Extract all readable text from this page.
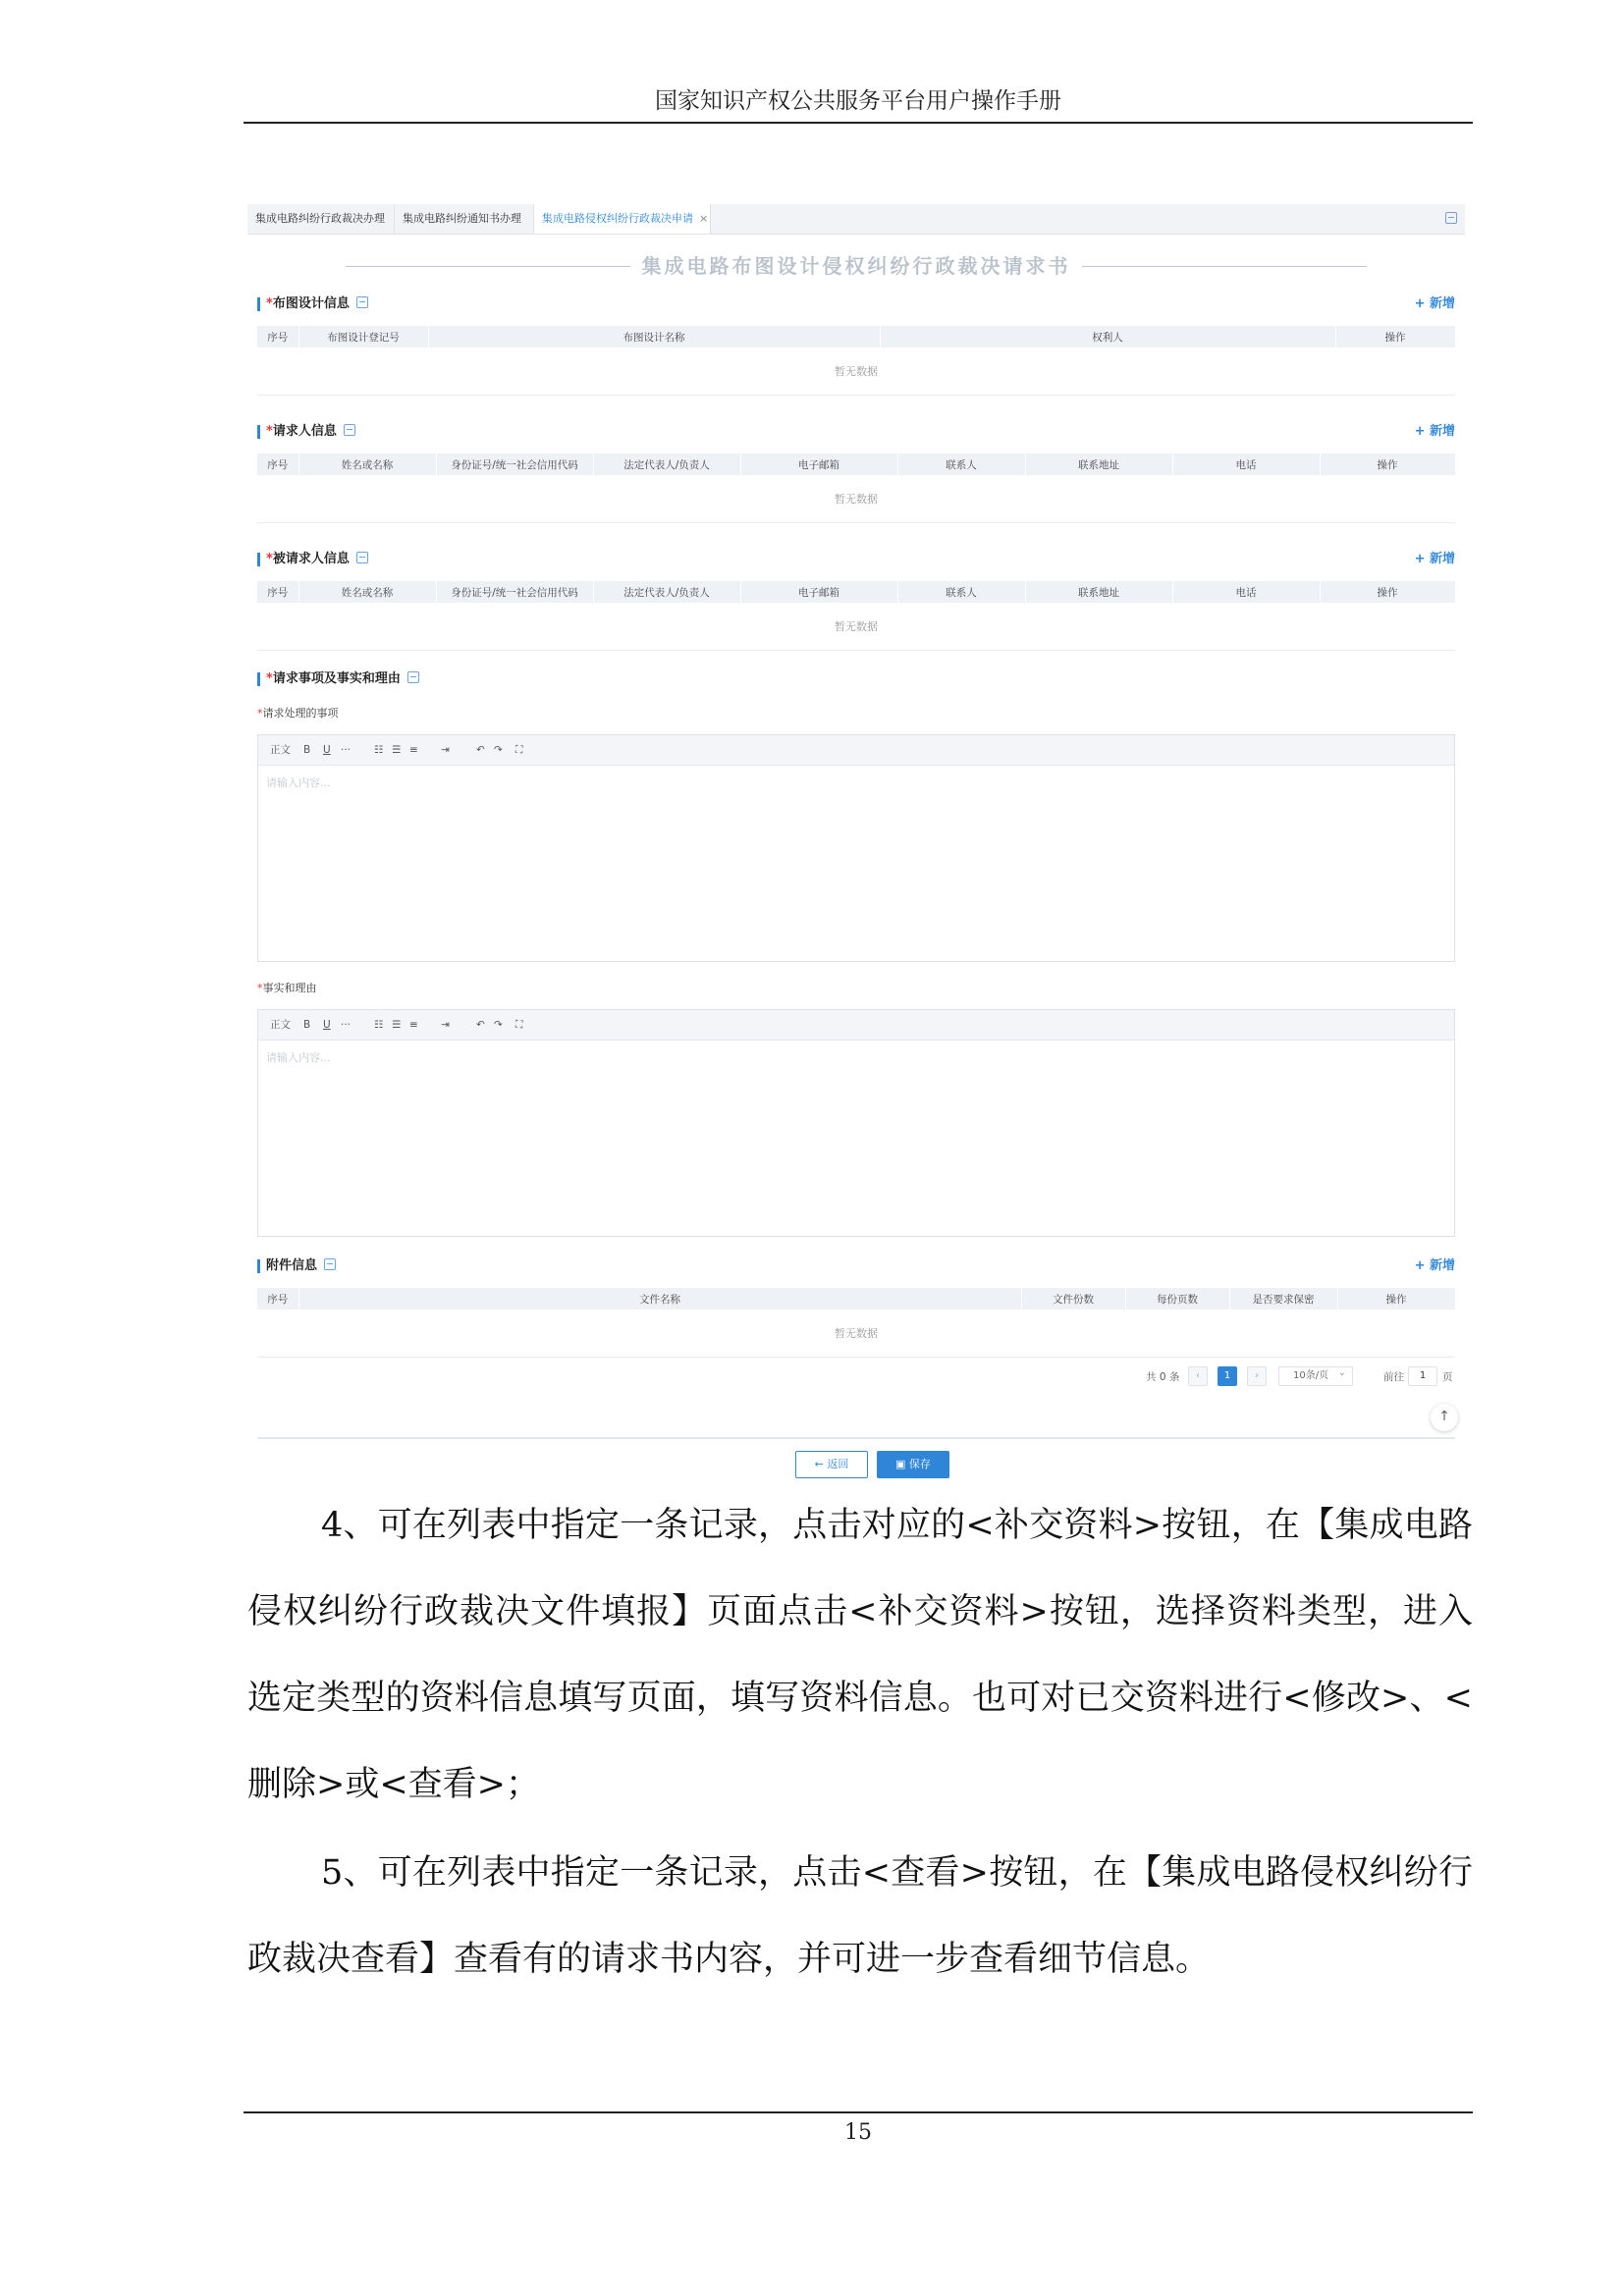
国家知识产权公共服务平台用户操作手册
集成电路纠纷行政裁决办理	集成电路纠纷通知书办理	集成电路侵权纠纷行政裁决申请 ×
集成电路布图设计侵权纠纷行政裁决请求书
*布图设计信息	+ 新增
序号	布图设计登记号	布图设计名称	权利人	操作
暂无数据
*请求人信息	+ 新增
序号	姓名或名称	身份证号/统一社会信用代码	法定代表人/负责人	电子邮箱	联系人	联系地址	电话	操作
暂无数据
*被请求人信息	+ 新增
序号	姓名或名称	身份证号/统一社会信用代码	法定代表人/负责人	电子邮箱	联系人	联系地址	电话	操作
暂无数据
*请求事项及事实和理由
*请求处理的事项
正文 B U ··· ☷ ☰ ≡ ⇥	↶ ↷ ⛶
请输入内容...
*事实和理由
正文 B U ··· ☷ ☰ ≡ ⇥	↶ ↷ ⛶
请输入内容...
附件信息	+ 新增
序号	文件名称	文件份数	每份页数	是否要求保密	操作
暂无数据
共 0 条	‹	1	›	10条/页 ⌄	前往	1	页
↑
← 返回	▣ 保存

4、可在列表中指定一条记录，点击对应的<补交资料>按钮，在【集成电路侵权纠纷行政裁决文件填报】页面点击<补交资料>按钮，选择资料类型，进入选定类型的资料信息填写页面，填写资料信息。也可对已交资料进行<修改>、<删除>或<查看>；

5、可在列表中指定一条记录，点击<查看>按钮，在【集成电路侵权纠纷行政裁决查看】查看有的请求书内容，并可进一步查看细节信息。

15
